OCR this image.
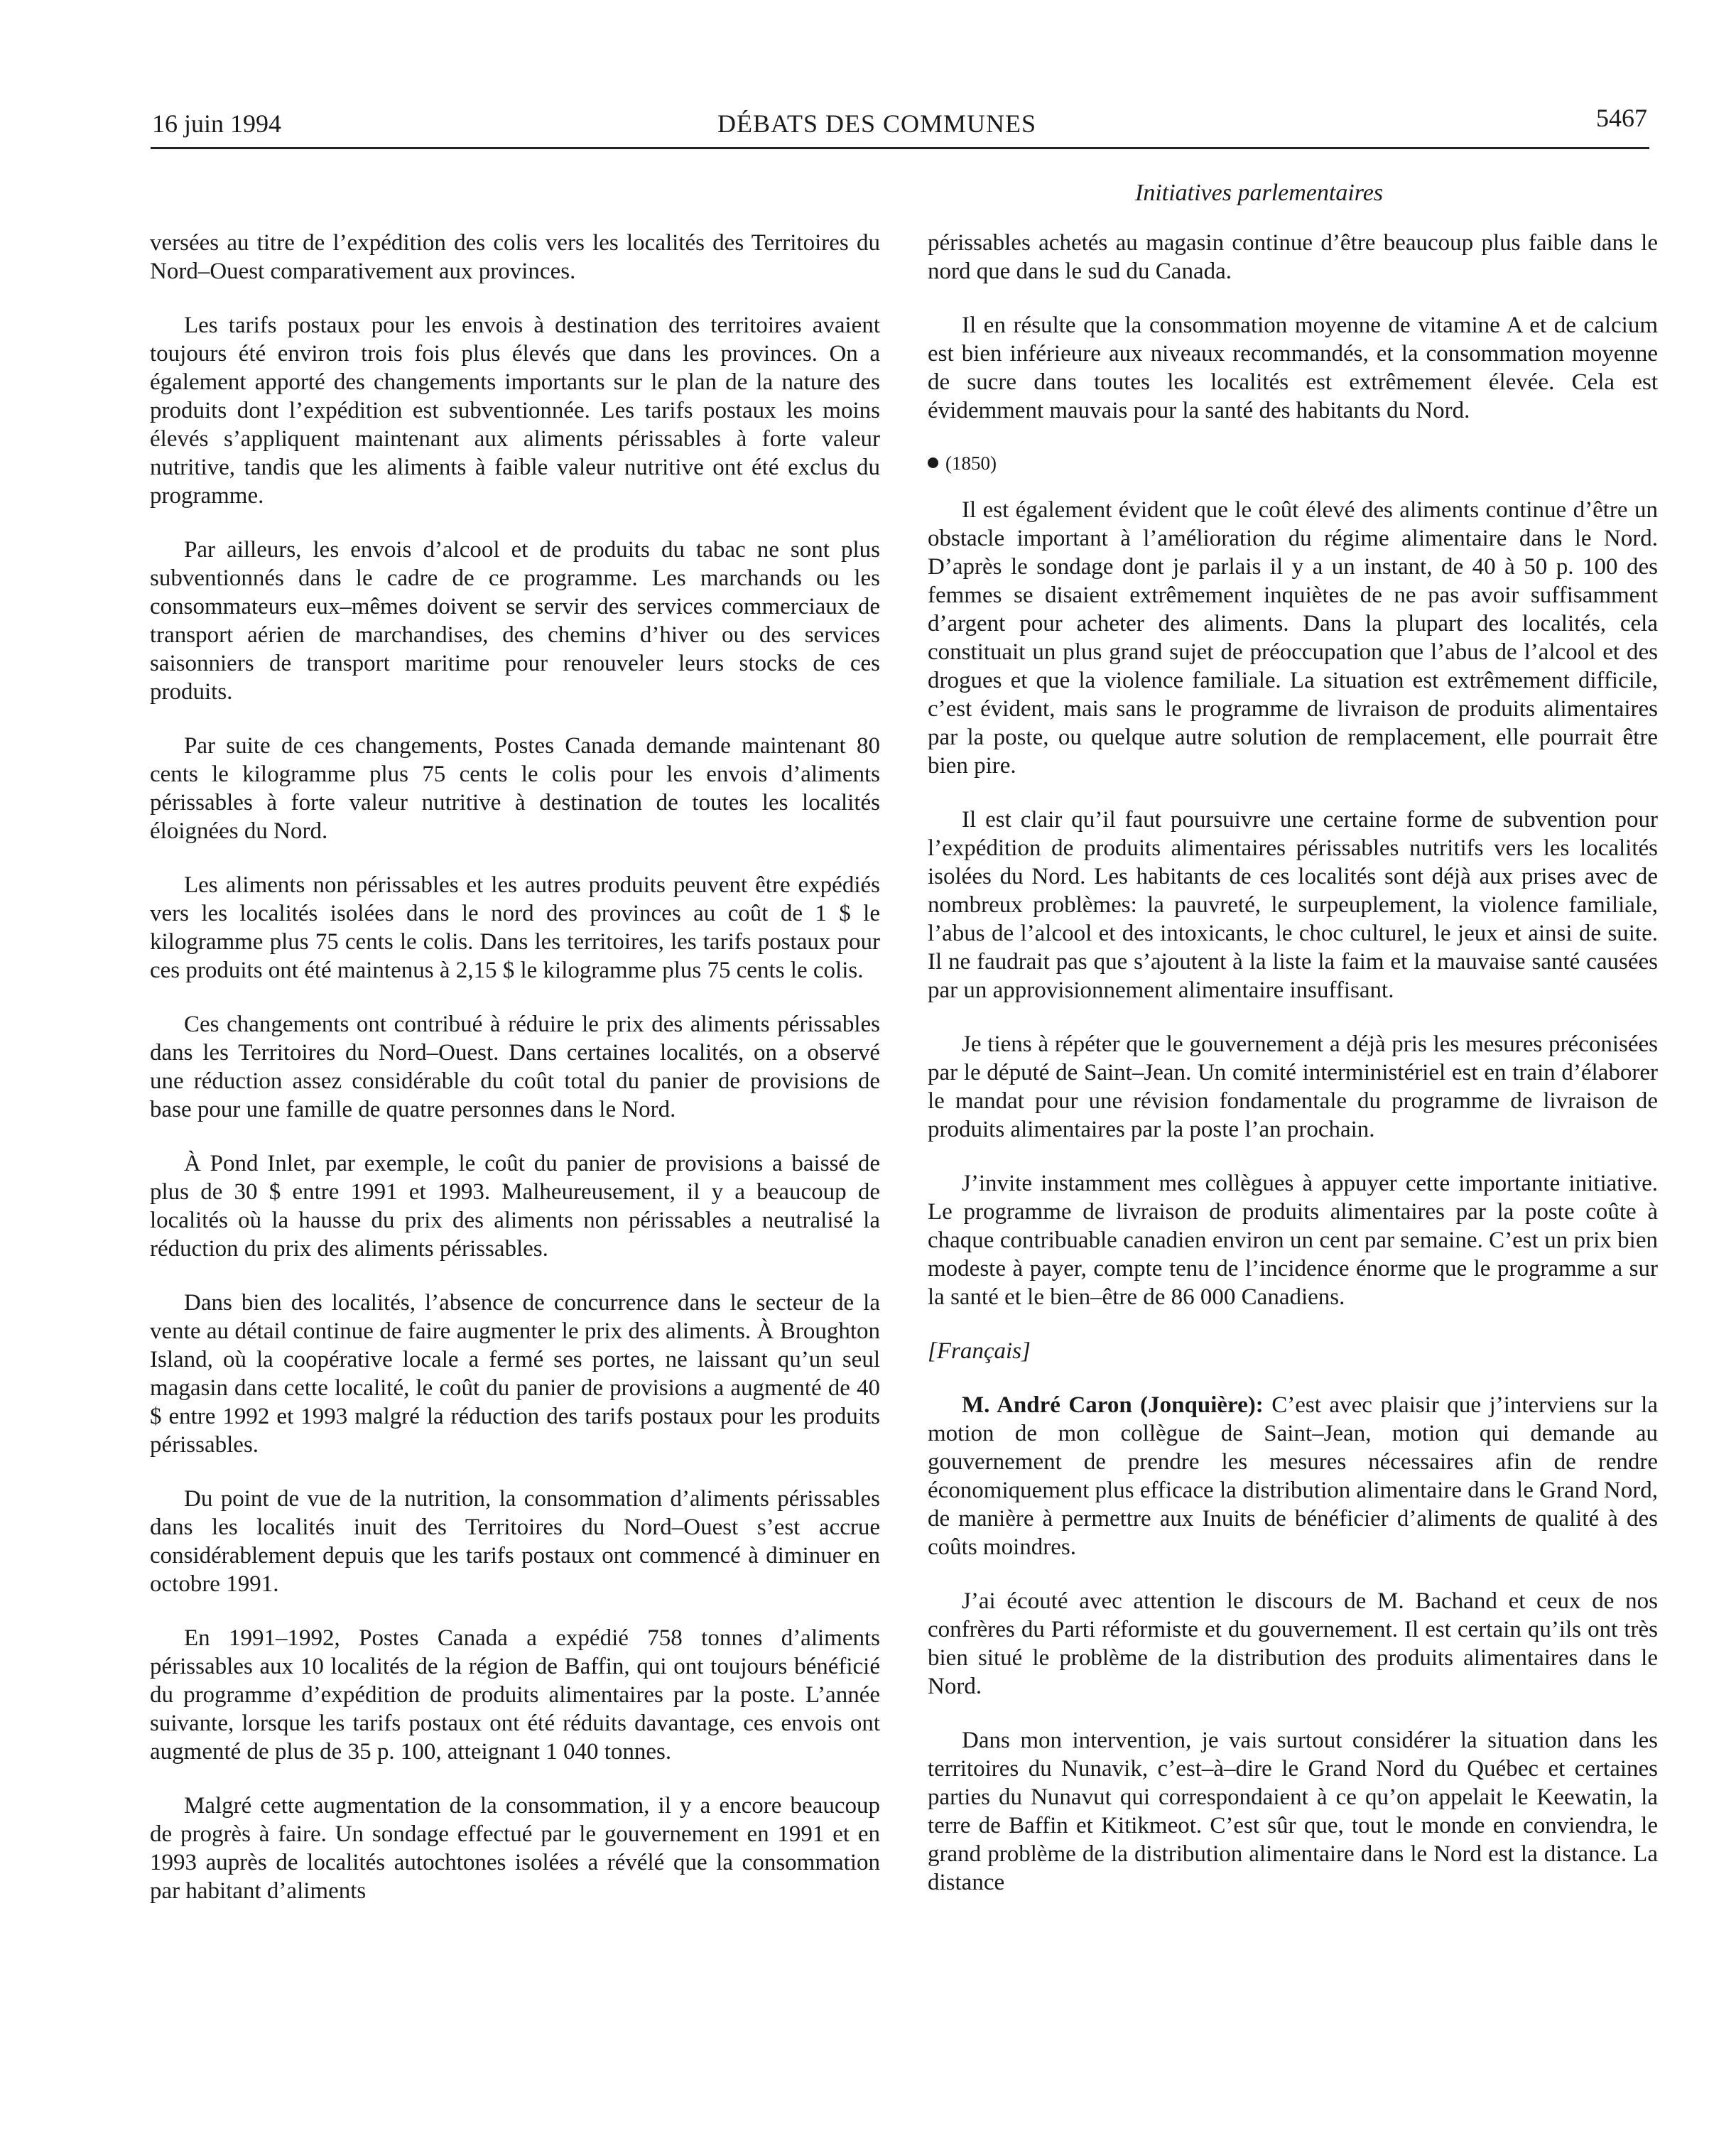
16 juin 1994	DÉBATS DES COMMUNES	5467
Initiatives parlementaires

versées au titre de l’expédition des colis vers les localités des Territoires du Nord–Ouest comparativement aux provinces.

Les tarifs postaux pour les envois à destination des territoires avaient toujours été environ trois fois plus élevés que dans les provinces. On a également apporté des changements importants sur le plan de la nature des produits dont l’expédition est subventionnée. Les tarifs postaux les moins élevés s’appliquent maintenant aux aliments périssables à forte valeur nutritive, tandis que les aliments à faible valeur nutritive ont été exclus du programme.

Par ailleurs, les envois d’alcool et de produits du tabac ne sont plus subventionnés dans le cadre de ce programme. Les marchands ou les consommateurs eux–mêmes doivent se servir des services commerciaux de transport aérien de marchandises, des chemins d’hiver ou des services saisonniers de transport maritime pour renouveler leurs stocks de ces produits.

Par suite de ces changements, Postes Canada demande maintenant 80 cents le kilogramme plus 75 cents le colis pour les envois d’aliments périssables à forte valeur nutritive à destination de toutes les localités éloignées du Nord.

Les aliments non périssables et les autres produits peuvent être expédiés vers les localités isolées dans le nord des provinces au coût de 1 $ le kilogramme plus 75 cents le colis. Dans les territoires, les tarifs postaux pour ces produits ont été maintenus à 2,15 $ le kilogramme plus 75 cents le colis.

Ces changements ont contribué à réduire le prix des aliments périssables dans les Territoires du Nord–Ouest. Dans certaines localités, on a observé une réduction assez considérable du coût total du panier de provisions de base pour une famille de quatre personnes dans le Nord.

À Pond Inlet, par exemple, le coût du panier de provisions a baissé de plus de 30 $ entre 1991 et 1993. Malheureusement, il y a beaucoup de localités où la hausse du prix des aliments non périssables a neutralisé la réduction du prix des aliments périssables.

Dans bien des localités, l’absence de concurrence dans le secteur de la vente au détail continue de faire augmenter le prix des aliments. À Broughton Island, où la coopérative locale a fermé ses portes, ne laissant qu’un seul magasin dans cette localité, le coût du panier de provisions a augmenté de 40 $ entre 1992 et 1993 malgré la réduction des tarifs postaux pour les produits périssables.

Du point de vue de la nutrition, la consommation d’aliments périssables dans les localités inuit des Territoires du Nord–Ouest s’est accrue considérablement depuis que les tarifs postaux ont commencé à diminuer en octobre 1991.

En 1991–1992, Postes Canada a expédié 758 tonnes d’aliments périssables aux 10 localités de la région de Baffin, qui ont toujours bénéficié du programme d’expédition de produits alimentaires par la poste. L’année suivante, lorsque les tarifs postaux ont été réduits davantage, ces envois ont augmenté de plus de 35 p. 100, atteignant 1 040 tonnes.

Malgré cette augmentation de la consommation, il y a encore beaucoup de progrès à faire. Un sondage effectué par le gouvernement en 1991 et en 1993 auprès de localités autochtones isolées a révélé que la consommation par habitant d’aliments

périssables achetés au magasin continue d’être beaucoup plus faible dans le nord que dans le sud du Canada.

Il en résulte que la consommation moyenne de vitamine A et de calcium est bien inférieure aux niveaux recommandés, et la consommation moyenne de sucre dans toutes les localités est extrêmement élevée. Cela est évidemment mauvais pour la santé des habitants du Nord.

(1850)

Il est également évident que le coût élevé des aliments continue d’être un obstacle important à l’amélioration du régime alimentaire dans le Nord. D’après le sondage dont je parlais il y a un instant, de 40 à 50 p. 100 des femmes se disaient extrêmement inquiètes de ne pas avoir suffisamment d’argent pour acheter des aliments. Dans la plupart des localités, cela constituait un plus grand sujet de préoccupation que l’abus de l’alcool et des drogues et que la violence familiale. La situation est extrêmement difficile, c’est évident, mais sans le programme de livraison de produits alimentaires par la poste, ou quelque autre solution de remplacement, elle pourrait être bien pire.

Il est clair qu’il faut poursuivre une certaine forme de subvention pour l’expédition de produits alimentaires périssables nutritifs vers les localités isolées du Nord. Les habitants de ces localités sont déjà aux prises avec de nombreux problèmes: la pauvreté, le surpeuplement, la violence familiale, l’abus de l’alcool et des intoxicants, le choc culturel, le jeux et ainsi de suite. Il ne faudrait pas que s’ajoutent à la liste la faim et la mauvaise santé causées par un approvisionnement alimentaire insuffisant.

Je tiens à répéter que le gouvernement a déjà pris les mesures préconisées par le député de Saint–Jean. Un comité interministériel est en train d’élaborer le mandat pour une révision fondamentale du programme de livraison de produits alimentaires par la poste l’an prochain.

J’invite instamment mes collègues à appuyer cette importante initiative. Le programme de livraison de produits alimentaires par la poste coûte à chaque contribuable canadien environ un cent par semaine. C’est un prix bien modeste à payer, compte tenu de l’incidence énorme que le programme a sur la santé et le bien–être de 86 000 Canadiens.

[Français]

M. André Caron (Jonquière): C’est avec plaisir que j’interviens sur la motion de mon collègue de Saint–Jean, motion qui demande au gouvernement de prendre les mesures nécessaires afin de rendre économiquement plus efficace la distribution alimentaire dans le Grand Nord, de manière à permettre aux Inuits de bénéficier d’aliments de qualité à des coûts moindres.

J’ai écouté avec attention le discours de M. Bachand et ceux de nos confrères du Parti réformiste et du gouvernement. Il est certain qu’ils ont très bien situé le problème de la distribution des produits alimentaires dans le Nord.

Dans mon intervention, je vais surtout considérer la situation dans les territoires du Nunavik, c’est–à–dire le Grand Nord du Québec et certaines parties du Nunavut qui correspondaient à ce qu’on appelait le Keewatin, la terre de Baffin et Kitikmeot. C’est sûr que, tout le monde en conviendra, le grand problème de la distribution alimentaire dans le Nord est la distance. La distance
